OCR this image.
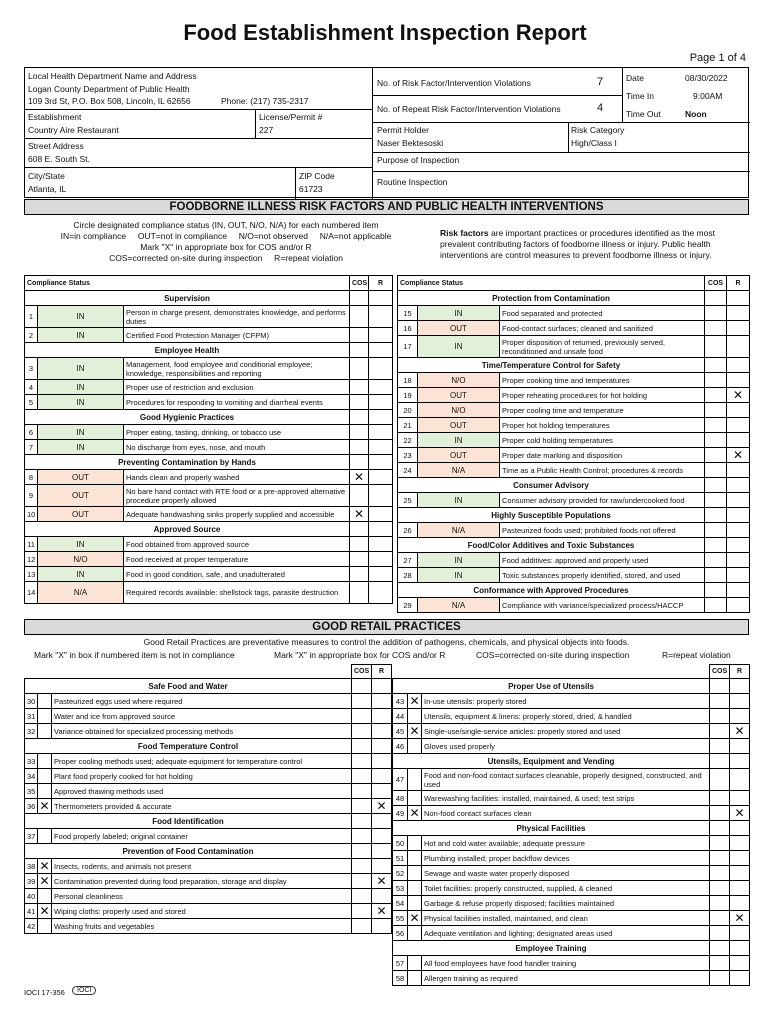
Food Establishment Inspection Report
Page 1 of 4
Local Health Department Name and Address
Logan County Department of Public Health
109 3rd St, P.O. Box 508, Lincoln, IL 62656	Phone: (217) 735-2317
Establishment
Country Aire Restaurant
License/Permit #
227
Street Address
608 E. South St.
City/State
Atlanta, IL
ZIP Code
61723
No. of Risk Factor/Intervention Violations	7
No. of Repeat Risk Factor/Intervention Violations	4
Date	08/30/2022
Time In	9:00AM
Time Out	Noon
Permit Holder
Naser Bektesoski
Risk Category
High/Class I
Purpose of Inspection
Routine Inspection
FOODBORNE ILLNESS RISK FACTORS AND PUBLIC HEALTH INTERVENTIONS
Circle designated compliance status (IN, OUT, N/O, N/A) for each numbered item
IN=in compliance     OUT=not in compliance     N/O=not observed     N/A=not applicable
Mark "X" in appropriate box for COS and/or R
COS=corrected on-site during inspection     R=repeat violation
Risk factors are important practices or procedures identified as the most prevalent contributing factors of foodborne illness or injury. Public health interventions are control measures to prevent foodborne illness or injury.
Compliance Status			COS	R
Supervision				
1	IN	Person in charge present, demonstrates knowledge, and performs duties		
2	IN	Certified Food Protection Manager (CFPM)		
Employee Health				
3	IN	Management, food employee and conditional employee; knowledge, responsibilities and reporting		
4	IN	Proper use of restriction and exclusion		
5	IN	Procedures for responding to vomiting and diarrheal events		
Good Hygienic Practices				
6	IN	Proper eating, tasting, drinking, or tobacco use		
7	IN	No discharge from eyes, nose, and mouth		
Preventing Contamination by Hands				
8	OUT	Hands clean and properly washed	✕	
9	OUT	No bare hand contact with RTE food or a pre-approved alternative procedure properly allowed		
10	OUT	Adequate handwashing sinks properly supplied and accessible	✕	
Approved Source				
11	IN	Food obtained from approved source		
12	N/O	Food received at proper temperature		
13	IN	Food in good condition, safe, and unadulterated		
14	N/A	Required records available: shellstock tags, parasite destruction		
Compliance Status			COS	R
Protection from Contamination				
15	IN	Food separated and protected		
16	OUT	Food-contact surfaces; cleaned and sanitized		
17	IN	Proper disposition of returned, previously served, reconditioned and unsafe food		
Time/Temperature Control for Safety				
18	N/O	Proper cooking time and temperatures		
19	OUT	Proper reheating procedures for hot holding		✕
20	N/O	Proper cooling time and temperature		
21	OUT	Proper hot holding temperatures		
22	IN	Proper cold holding temperatures		
23	OUT	Proper date marking and disposition		✕
24	N/A	Time as a Public Health Control; procedures & records		
Consumer Advisory				
25	IN	Consumer advisory provided for raw/undercooked food		
Highly Susceptible Populations				
26	N/A	Pasteurized foods used; prohibited foods not offered		
Food/Color Additives and Toxic Substances				
27	IN	Food additives: approved and properly used		
28	IN	Toxic substances properly identified, stored, and used		
Conformance with Approved Procedures				
29	N/A	Compliance with variance/specialized process/HACCP		
GOOD RETAIL PRACTICES
Good Retail Practices are preventative measures to control the addition of pathogens, chemicals, and physical objects into foods.
Mark "X" in box if numbered item is not in compliance	Mark "X" in appropriate box for COS and/or R	COS=corrected on-site during inspection	R=repeat violation
			COS	R
Safe Food and Water				
30		Pasteurized eggs used where required		
31		Water and ice from approved source		
32		Variance obtained for specialized processing methods		
Food Temperature Control				
33		Proper cooling methods used; adequate equipment for temperature control		
34		Plant food properly cooked for hot holding		
35		Approved thawing methods used		
36	✕	Thermometers provided & accurate		✕
Food Identification				
37		Food properly labeled; original container		
Prevention of Food Contamination				
38	✕	Insects, rodents, and animals not present		
39	✕	Contamination prevented during food preparation, storage and display		✕
40		Personal cleanliness		
41	✕	Wiping cloths: properly used and stored		✕
42		Washing fruits and vegetables		
			COS	R
Proper Use of Utensils				
43	✕	In-use utensils: properly stored		
44		Utensils, equipment & linens: properly stored, dried, & handled		
45	✕	Single-use/single-service articles: properly stored and used		✕
46		Gloves used properly		
Utensils, Equipment and Vending				
47		Food and non-food contact surfaces cleanable, properly designed, constructed, and used		
48		Warewashing facilities: installed, maintained, & used; test strips		
49	✕	Non-food contact surfaces clean		✕
Physical Facilities				
50		Hot and cold water available; adequate pressure		
51		Plumbing installed; proper backflow devices		
52		Sewage and waste water properly disposed		
53		Toilet facilities: properly constructed, supplied, & cleaned		
54		Garbage & refuse properly disposed; facilities maintained		
55	✕	Physical facilities installed, maintained, and clean		✕
56		Adequate ventilation and lighting; designated areas used		
Employee Training				
57		All food employees have food handler training		
58		Allergen training as required		
IOCI 17-356	IOCI
